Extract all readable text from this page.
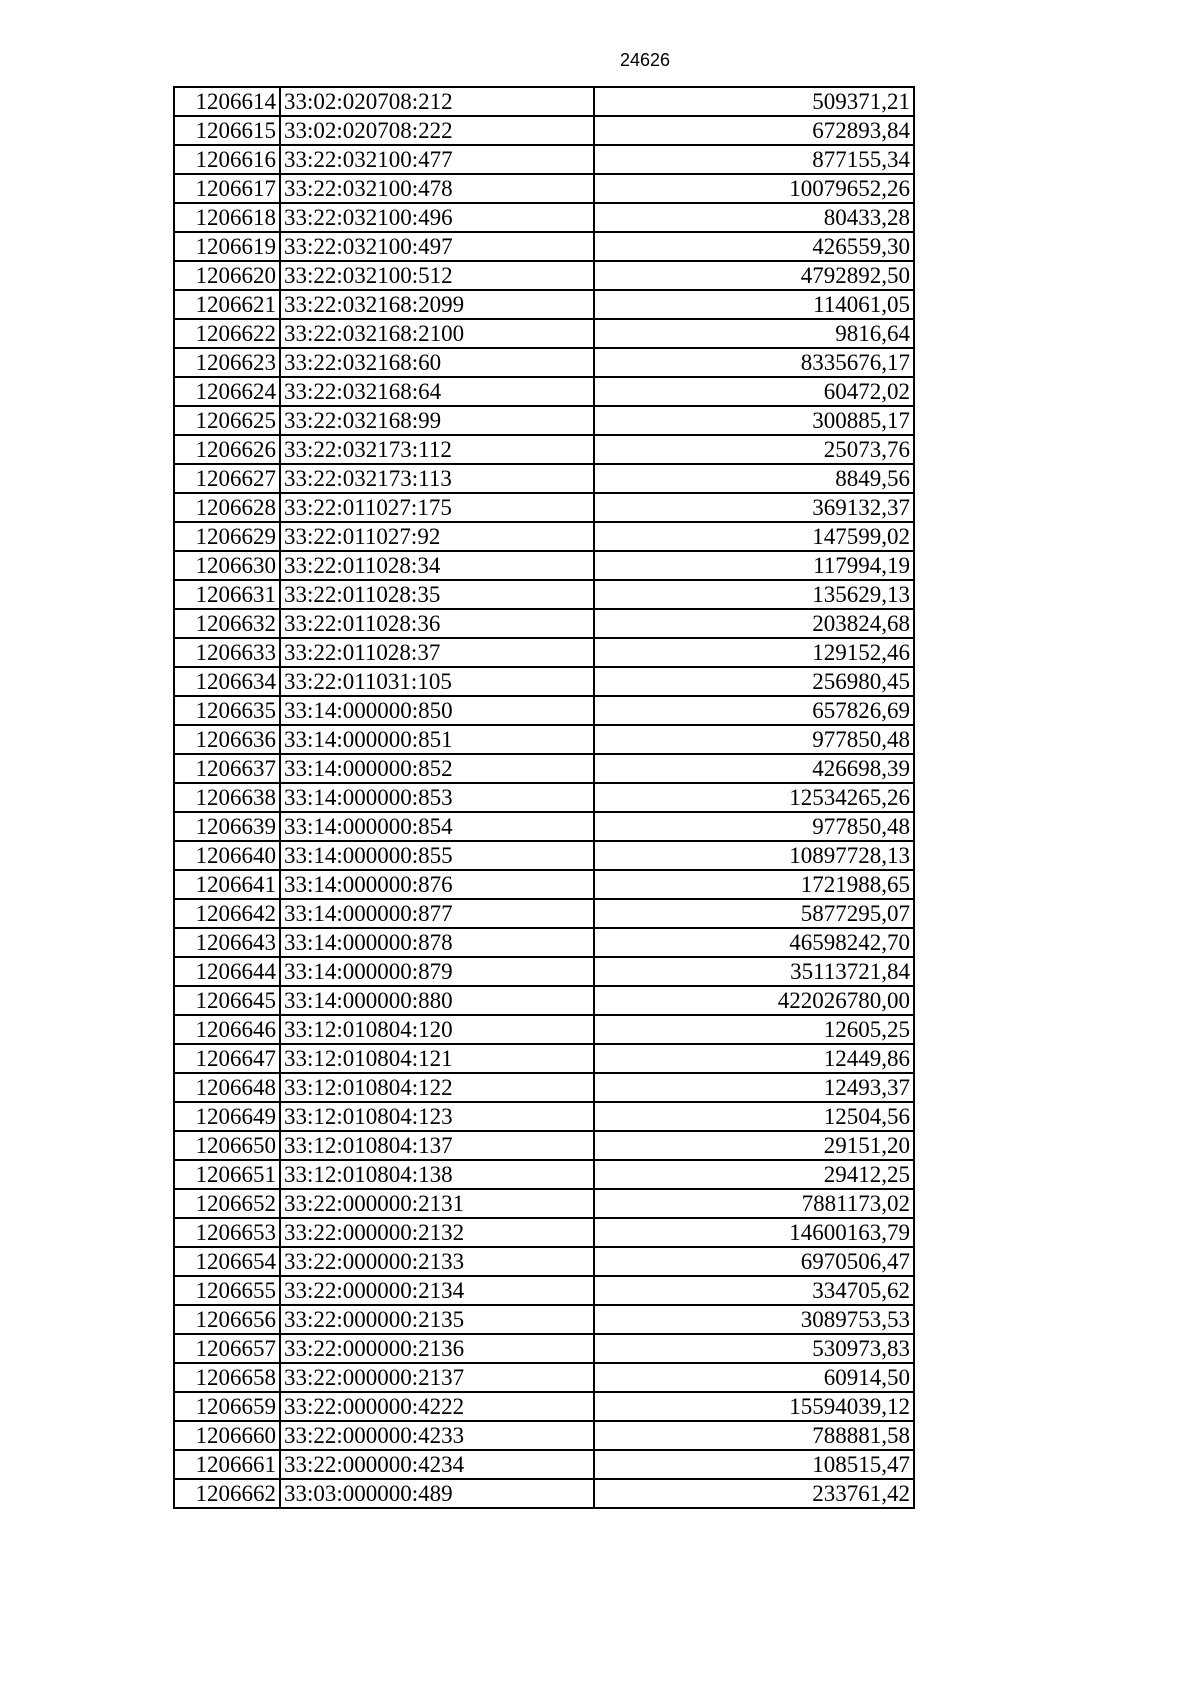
24626
1206614	33:02:020708:212	509371,21
1206615	33:02:020708:222	672893,84
1206616	33:22:032100:477	877155,34
1206617	33:22:032100:478	10079652,26
1206618	33:22:032100:496	80433,28
1206619	33:22:032100:497	426559,30
1206620	33:22:032100:512	4792892,50
1206621	33:22:032168:2099	114061,05
1206622	33:22:032168:2100	9816,64
1206623	33:22:032168:60	8335676,17
1206624	33:22:032168:64	60472,02
1206625	33:22:032168:99	300885,17
1206626	33:22:032173:112	25073,76
1206627	33:22:032173:113	8849,56
1206628	33:22:011027:175	369132,37
1206629	33:22:011027:92	147599,02
1206630	33:22:011028:34	117994,19
1206631	33:22:011028:35	135629,13
1206632	33:22:011028:36	203824,68
1206633	33:22:011028:37	129152,46
1206634	33:22:011031:105	256980,45
1206635	33:14:000000:850	657826,69
1206636	33:14:000000:851	977850,48
1206637	33:14:000000:852	426698,39
1206638	33:14:000000:853	12534265,26
1206639	33:14:000000:854	977850,48
1206640	33:14:000000:855	10897728,13
1206641	33:14:000000:876	1721988,65
1206642	33:14:000000:877	5877295,07
1206643	33:14:000000:878	46598242,70
1206644	33:14:000000:879	35113721,84
1206645	33:14:000000:880	422026780,00
1206646	33:12:010804:120	12605,25
1206647	33:12:010804:121	12449,86
1206648	33:12:010804:122	12493,37
1206649	33:12:010804:123	12504,56
1206650	33:12:010804:137	29151,20
1206651	33:12:010804:138	29412,25
1206652	33:22:000000:2131	7881173,02
1206653	33:22:000000:2132	14600163,79
1206654	33:22:000000:2133	6970506,47
1206655	33:22:000000:2134	334705,62
1206656	33:22:000000:2135	3089753,53
1206657	33:22:000000:2136	530973,83
1206658	33:22:000000:2137	60914,50
1206659	33:22:000000:4222	15594039,12
1206660	33:22:000000:4233	788881,58
1206661	33:22:000000:4234	108515,47
1206662	33:03:000000:489	233761,42
